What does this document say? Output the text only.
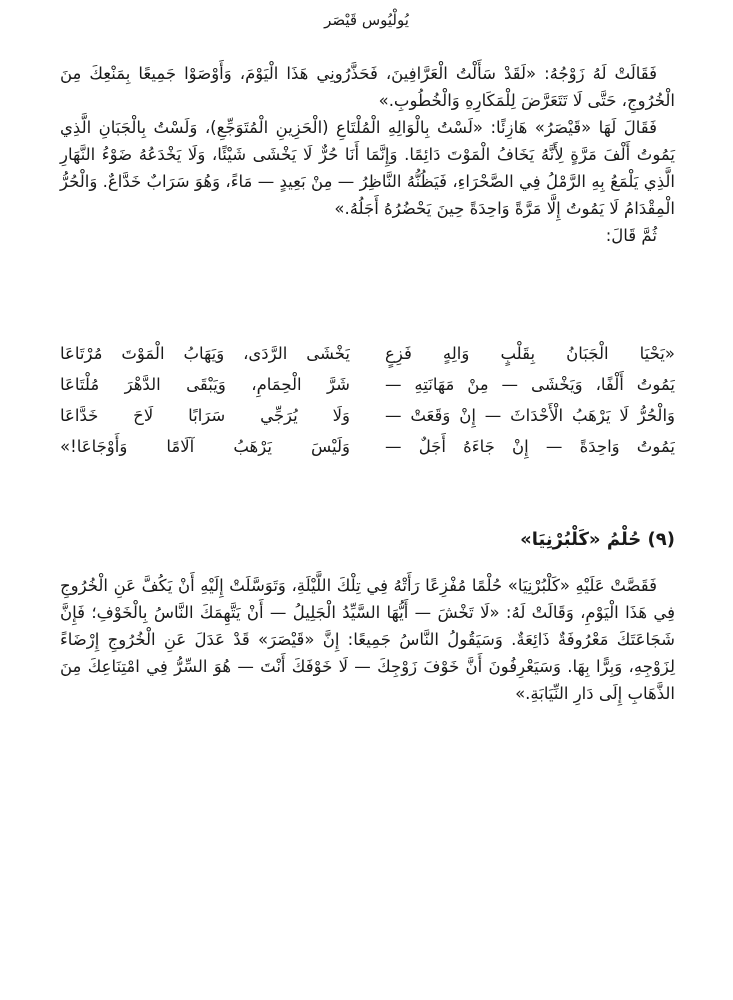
يُولْيُوس قَيْصَر

فَقَالَتْ لَهُ زَوْجُهُ: «لَقَدْ سَأَلْتُ الْعَرَّافِينَ، فَحَذَّرُونِي هَذَا الْيَوْمَ، وَأَوْصَوْا جَمِيعًا بِمَنْعِكَ مِنَ الْخُرُوجِ، حَتَّى لَا تَتَعَرَّضَ لِلْمَكَارِهِ وَالْخُطُوبِ.»

فَقَالَ لَهَا «قَيْصَرُ» هَازِئًا: «لَسْتُ بِالْوَالِهِ الْمُلْتَاعِ (الْحَزِينِ الْمُتَوَجِّعِ)، وَلَسْتُ بِالْجَبَانِ الَّذِي يَمُوتُ أَلْفَ مَرَّةٍ لِأَنَّهُ يَخَافُ الْمَوْتَ دَائِمًا. وَإِنَّمَا أَنَا حُرٌّ لَا يَخْشَى شَيْئًا، وَلَا يَخْدَعُهُ ضَوْءُ النَّهَارِ الَّذِي يَلْمَعُ بِهِ الرَّمْلُ فِي الصَّحْرَاءِ، فَيَظُنُّهُ النَّاظِرُ — مِنْ بَعِيدٍ — مَاءً، وَهُوَ سَرَابٌ خَدَّاعٌ. وَالْحُرُّ الْمِقْدَامُ لَا يَمُوتُ إِلَّا مَرَّةً وَاحِدَةً حِينَ يَحْضُرُهُ أَجَلُهُ.»

ثُمَّ قَالَ:

«يَحْيَا الْجَبَانُ بِقَلْبٍ وَالِهٍ فَزِعٍ
يَخْشَى الرَّدَى، وَيَهَابُ الْمَوْتَ مُرْتَاعَا
يَمُوتُ أَلْفًا، وَيَخْشَى — مِنْ مَهَانَتِهِ —
شَرَّ الْحِمَامِ، وَيَبْقَى الدَّهْرَ مُلْتَاعَا
وَالْحُرُّ لَا يَرْهَبُ الْأَحْدَاثَ — إِنْ وَقَعَتْ —
وَلَا يُرَجِّي سَرَابًا لَاحَ خَدَّاعَا
يَمُوتُ وَاحِدَةً — إِنْ جَاءَهُ أَجَلٌ —
وَلَيْسَ يَرْهَبُ آلَامًا وَأَوْجَاعَا!»
(٩) حُلْمُ «كَلْبُرْنِيَا»

فَقَصَّتْ عَلَيْهِ «كَلْبُرْنِيَا» حُلْمًا مُفْزِعًا رَأَتْهُ فِي تِلْكَ اللَّيْلَةِ، وَتَوَسَّلَتْ إِلَيْهِ أَنْ يَكُفَّ عَنِ الْخُرُوجِ فِي هَذَا الْيَوْمِ، وَقَالَتْ لَهُ: «لَا تَخْشَ — أَيُّهَا السَّيِّدُ الْجَلِيلُ — أَنْ يَتَّهِمَكَ النَّاسُ بِالْخَوْفِ؛ فَإِنَّ شَجَاعَتَكَ مَعْرُوفَةٌ ذَائِعَةٌ. وَسَيَقُولُ النَّاسُ جَمِيعًا: إِنَّ «قَيْصَرَ» قَدْ عَدَلَ عَنِ الْخُرُوجِ إِرْضَاءً لِزَوْجِهِ، وَبِرًّا بِهَا. وَسَيَعْرِفُونَ أَنَّ خَوْفَ زَوْجِكَ — لَا خَوْفَكَ أَنْتَ — هُوَ السِّرُّ فِي امْتِنَاعِكَ مِنَ الذَّهَابِ إِلَى دَارِ النِّيَابَةِ.»
